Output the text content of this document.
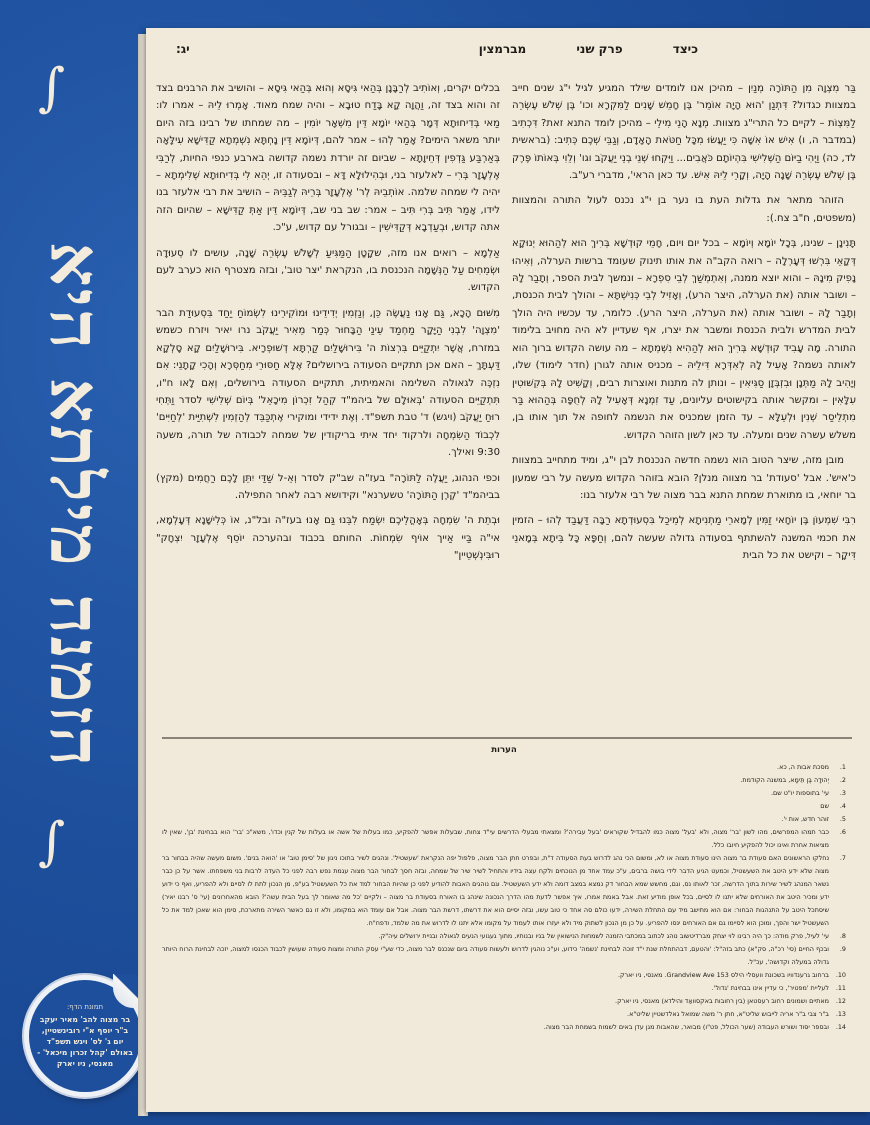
∫
הזמנה מילתא היא
∫
תמונת הדף:
בר מצוה להב' מאיר יעקב ב"ר יוסף א"י רובינשטיין, יום ג' לס' ויגש תשפ"ד באולם 'קהל זכרון מיכאל' - מאנסי, ניו יארק
כיצד פרק שני מברמצין
יג:

בַּר מִצְוָה מִן הַתּוֹרָה מְנַיִן – מהיכן אנו לומדים שילד המגיע לגיל י"ג שנים חייב במצוות כגדול? דִּתְנַן 'הוּא הָיָה אוֹמֵר' בֶּן חָמֵשׁ שָׁנִים לַמִּקְרָא וכו' בֶּן שְׁלֹשׁ עֶשְׂרֵה לַמִּצְוֹת – לקיים כל התרי"ג מצוות. מְנָא הָנֵי מִילֵי – מהיכן לומד התנא זאת? דִּכְתִיב (במדבר ה, ו) אִישׁ אוֹ אִשָּׁה כִּי יַעֲשׂוּ מִכָּל חַטֹּאת הָאָדָם, וְגַבֵּי שְׁכֶם כְּתִיב: (בראשית לד, כה) וַיְהִי בַיּוֹם הַשְּׁלִישִׁי בִּהְיוֹתָם כֹּאֲבִים... וַיִּקְחוּ שְׁנֵי בְנֵי יַעֲקֹב וגו' וְלֵוִי בְּאוֹתוֹ פֶּרֶק בֶּן שְׁלֹשׁ עֶשְׂרֵה שָׁנָה הָיָה, וְקָרֵי לֵיהּ אִישׁ. עד כאן הראי', מדברי רע"ב.

הזוהר מתאר את גדלות העת בו נער בן י"ג נכנס לעול התורה והמצוות (משפטים, ח"ב צח.):

תָּנִינָן – שנינו, בְּכָל יוֹמָא וְיוֹמָא – בכל יום ויום, חָמֵי קוּדְשָׁא בְּרִיךְ הוּא לְהַהוּא יְנוּקָא דְּקָאֵי בִּרְשׁוּ דְּעָרְלָה – רואה הקב"ה את אותו תינוק שעומד ברשות הערלה, וְאִיהוּ נָפִיק מִינָהּ – והוא יוצא ממנה, וְאִתְמְשַׁךְ לְבֵי סִפְרָא – ונמשך לבית הספר, וְתָבַר לָהּ – ושובר אותה (את הערלה, היצר הרע), וְאָזִיל לְבֵי כְּנִישְׁתָּא – והולך לבית הכנסת, וְתָבַר לָהּ – ושובר אותה (את הערלה, היצר הרע). כלומר, עד עכשיו היה הולך לבית המדרש ולבית הכנסת ומשבר את יצרו, אף שעדיין לא היה מחויב בלימוד התורה. מָה עָבִיד קוּדְשָׁא בְּרִיךְ הוּא לְהַהִיא נִשְׁמְתָא – מה עושה הקדוש ברוך הוא לאותה נשמה? אָעִיל לָהּ לְאִדְּרָא דִּילֵיהּ – מכניס אותה לגורן (חדר לימוד) שלו, וְיָהִיב לָהּ מַתְּנָן וּבִזְבְּזָן סַגִּיאִין – ונותן לה מתנות ואוצרות רבים, וְקָשִׁיט לָהּ בְּקִשּׁוּטִין עִלָּאִין – ומקשר אותה בקישוטים עליונים, עַד זִמְנָא דְּאָעִיל לָהּ לְחֻפָּה בְּהַהוּא בַּר מִתְלֵיסַר שְׁנִין וּלְעֵלָּא – עד הזמן שמכניס את הנשמה לחופה אל תוך אותו בן, משלש עשרה שנים ומעלה. עד כאן לשון הזוהר הקדוש.

מובן מזה, שיצר הטוב הוא נשמה חדשה הנכנסת לבן י"ג, ומיד מתחייב במצוות כ'איש'. אבל 'סעודת' בר מצווה מנלן? הובא בזוהר הקדוש מעשה על רבי שמעון בר יוחאי, בו מתוארת שמחת התנא בבר מצוה של רבי אלעזר בנו:

רִבִּי שִׁמְעוֹן בֶּן יוֹחָאי זַמִּין לְמָארֵי מַתְנִיתָא לְמֵיכַל בִּסְעוּדְתָא רַבָּה דַּעֲבַד לְהוּ – הזמין את חכמי המשנה להשתתף בסעודה גדולה שעשה להם, וְחַפָּא כָּל בֵּיתָא בְּמָאנֵי דִּיקָר – וקישט את כל הבית

בכלים יקרים, וְאוֹתִיב לְרַבָּנָן בְּהַאי גִּיסָא וְהוּא בְּהַאי גִּיסָא – והושיב את הרבנים בצד זה והוא בצד זה, וַהֲוָה קָא בָּדַח טוּבָא – והיה שמח מאוד. אָמְרוּ לֵיהּ – אמרו לו: מַאי בְּדִיחוּתָא דְּמָר בְּהַאי יוֹמָא דֵּין מִשְּׁאָר יוֹמִין – מה שמחתו של רבינו בזה היום יותר משאר הימים? אָמַר לְהוּ – אמר להם, דְּיוֹמָא דֵּין נָחְתָּא נִשְׁמְתָא קַדִּישָׁא עִילָּאָה בְּאַרְבַּע גַּדְפִין דְּחֵיוָתָא – שביום זה יורדת נשמה קדושה בארבע כנפי החיות, לְרַבִּי אֶלְעָזָר בְּרִי – לאלעזר בני, וּבְהִילוּלָא דָּא – ובסעודה זו, יְהֵא לִי בְּדִיחוּתָא שְׁלִימְתָא – יהיה לי שמחה שלמה. אוֹתְבֵיהּ לְר' אֶלְעָזָר בְּרֵיהּ לְגַבֵּיהּ – הושיב את רבי אלעזר בנו לידו, אָמַר תִּיב בְּרִי תִּיב – אמר: שב בני שב, דְּיוֹמָא דֵּין אַתְּ קַדִּישָׁא – שהיום הזה אתה קדוש, וּבְעַדְבָא דְּקַדִּישִׁין – ובגורל עם קדוש, ע"כ.

אַלְמָא – רואים אנו מזה, שקָטָן הַמַּגִּיעַ לְשָׁלֹשׁ עֶשְׂרֵה שָׁנָה, עושים לו סְעוּדָה וּשְׂמֵחִים עַל הַנְּשָׁמָה הנכנסת בו, הנקראת 'יצר טוב', ובזה מצטרף הוא כערב לעם הקדוש.

מִשּׁוּם הָכָא, גַּם אָנוּ נַעֲשֶׂה כֵּן, וְנַזְמִין יְדִידֵינוּ וּמוֹקִירֵינוּ לִשְׂמוֹחַ יַחַד בִּסְעוּדַת הבר 'מִצְוָה' לִבְנִי הַיָּקָר מַחְמַד עֵינַי הַבָּחוּר כְּמַר מֵאִיר יַעֲקֹב נרו יאיר ויזרח כשמש במזרח, אֲשֶׁר יִתְקַיֵּים בִּרְצוֹת ה' בִּירוּשָׁלַיִם קַרְתָּא דְשׁוּפְרָיא. בִּירוּשָׁלַיִם קָא סָלְקָא דַּעְתָּךְ – האם אכן תתקיים הסעודה בירושלים? אֶלָּא חַסּוּרֵי מִחַסְּרָא וְהָכִי קָתָנֵי: אִם נִזְכֶּה לגאולה השלימה והאמיתית, תתקיים הסעודה בירושלים, וְאִם לָאו ח"ו, תִּתְקַיֵּים הסעודה 'בְּאוּלָם של ביהמ"ד קְהַל זִכְרוֹן מִיכָאֵל' בְּיוֹם שְׁלִישִׁי לסדר וַתְּחִי רוּחַ יַעֲקֹב (ויגש) ד' טבת תשפ"ד. וְאֶת ידידי ומוקירי אֶתְכַּבֵּד לְהַזְמִין לִשְׁתִיַּית 'לְחַיִּים' לִכְבוֹד הַשִּׂמְחָה ולרקוד יחד איתי בריקודין של שמחה לכבודה של תורה, משעה 9:30 ואילך.

וכפי הנהוג, יַעֲלֶה לַתּוֹרָה" בעז"ה שב"ק לסדר וְאֵ-ל שַׁדַּי יִתֵּן לָכֶם רַחֲמִים (מקץ) בביהמ"ד 'קֶרֶן הַתּוֹרָה' טשערנא" וקידושא רבה לאחר התפילה.

וּבְתֵת ה' שִׂמְחָה בְּאָהֳלֵיכֶם יִשְׂמַח לִבֵּנוּ גַּם אָנוּ בעז"ה ובל"נ, אוֹ כְּלִישָּׁנָא דְּעָלְמָא, אי"ה בַּיי אַייך אוֹיף שִׂמְחוֹת. החותם בכבוד ובהערכה יוֹסֵף אֶלְעָזָר יִצְחָק" רוּבִּינְשְׁטֵיין"

הערות
1.
מסכת אבות ה, כא.
2.
יְהוּדָה בֶּן תֵּימָא, במשנה הקודמת.
3.
עי' בתוספות יו"ט שם.
4.
שם
5.
זוהר חדש, אות י'.
6.
כבר תמהו המפרשים, מהו לשון 'בר' מצוה, ולא 'בעל' מצוה כמו להבדיל שקוראים 'בעל עבירה'? ומצאתי מבעלי הדרשים עי"ד צחות, שבעלות אפשר להפקיע, כמו בעלות של אשה או בעלות של קנין וכדו', משא"כ 'בר' הוא בבחינת 'בן', שאין לו מציאות אחרת ואינו יכול להפקיע חיובו כלל.
7.
נחלקו הראשונים האם סעודת בר מצוה הינו סעודת מצוה או לא, ומשום הכי נהג לדרוש בעת הסעודה ד"ת, ובפרט חתן הבר מצוה, פלפול יפה הנקראת 'שעשטיל'. ונהגים לשיר בתוכו ניגון של 'סימן טוב' או 'הואה בנים'. משום מעשה שהיה בבחור בר מצוה שלא ידע היטב את השעשטיל, וכמעט הגיע הדבר לידי בושה ברבים, ע"כ עמד אחד מן הנוכחים ולקח עצה בידיו והתחיל לשיר שיר של שמחה, ובזה חסך לבחור הבר מצוה עגמת נפש רבה לפני כל העדה לרבות בני משפחתו. אשר על כן כבר נשאר המנהג לשיר שירות בתוך הדרשה, זכר לאותו נס, וגם, מחשש שמא הבחור דק נמצא במצב דומה ולא ידע השעשטיל. וגם נוהגים האבות להודיע לפני כן שהיות הבחור למד את כל השעשטיל בע"פ, מן הנכון לתת לו לסיים ולא להפריע, ואף כי ידוע ידע ומכיר היטב את האורחים שלא יתנו לו לסיים, בכל אופן מודיע זאת. אבל באמת אמרו, איך אפשר לדעת מהו הדרך הנכונה שינהג בו האורח בסעודת בר מצוה – ולקיים 'כל מה שאומר לך בעל הבית עשה'? הובא מהאחרונים (עי' ס' רבנו יאיר) שיסתכל היטב על התנהגות הבחור: אם הוא מתישב מיד עם התחלת השירה, ידעו כולם סה אחד כי טוב עשו, ובזה יסיים הוא את דרשתו, דרשת הבר מצוה. אבל אם עומד הוא במקומו, ולא זו גם כאשר השירה מתארכת, סימן הוא שאכן למד את כל השעשטיל ישר והפך, ומוכן הוא לסיימו גם אם האורחים ינסו להפריע. על כן מן הנכון לשתוק מיד ולא יעזרו אותו לעמוד על מקומו אלא יתנו לו לדרוש את מה שלמד, ודפח"ח.
8.
עי' לעיל, פרק מודה: כך היה רבינו לוי יצחק מברדיטשוב נוהג לכתוב במכתבי הזמנה לשמחות הנישואין של בניו ובנותיו, מתוך געגועי הנעים לגאולה ובניית ירושלים עיה"ק.
9.
ובכף החיים (סי' רכ"ה, סק"א) כתב בזה"ל: 'והטעם, דבהתחלת שנת י"ד זוכה לבחינת 'נשמה' כידוע, וע"כ נוהגין לדרוש ולעשות סעודה ביום שנכנס לבר מצוה, כדי שע"י עסק התורה ומצות סעודה שעושין לכבוד הכנסו למצוה, יזכה לבחינת הרוח היותר גדולה במעלה וקדושה', עכ"ל.
10.
ברחוב גרענדוויו בשכונת וועסלי הילס 153 Grandview Ave. מאנסי, ניו יארק.
11.
לעליית 'מפטיר', כי עדיין אינו בבחינת 'גדול'.
12.
מאתיים ושמונים רחוב רעסטאן (בין רחובות באקסוואַד והילדא) מאנסי, ניו יארק.
13.
ב"ר צבי ב"ר אריה לייבוש שליט"א, חתן ר' משה שמואל גאלדשטיין שליט"א.
14.
ובספר יסוד ושורש העבודה (שער הכולל, פט"ו) מבואר, שהאבות מגן עדן באים לשמוח בשמחת הבר מצוה.
